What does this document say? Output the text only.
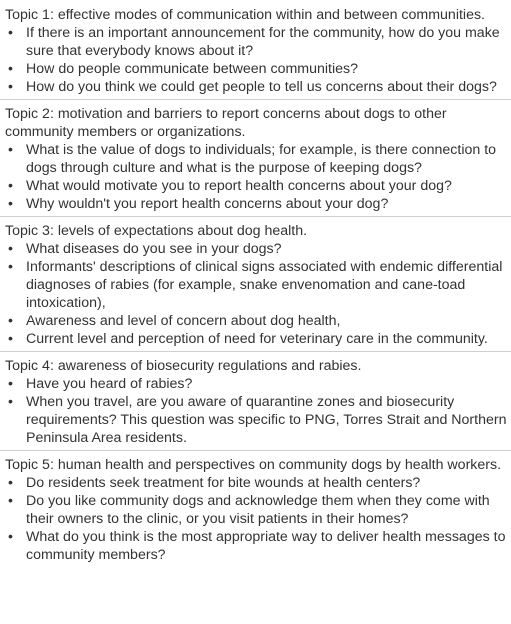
Topic 1: effective modes of communication within and between communities.
• If there is an important announcement for the community, how do you make sure that everybody knows about it?
• How do people communicate between communities?
• How do you think we could get people to tell us concerns about their dogs?
Topic 2: motivation and barriers to report concerns about dogs to other community members or organizations.
• What is the value of dogs to individuals; for example, is there connection to dogs through culture and what is the purpose of keeping dogs?
• What would motivate you to report health concerns about your dog?
• Why wouldn't you report health concerns about your dog?
Topic 3: levels of expectations about dog health.
• What diseases do you see in your dogs?
• Informants' descriptions of clinical signs associated with endemic differential diagnoses of rabies (for example, snake envenomation and cane-toad intoxication),
• Awareness and level of concern about dog health,
• Current level and perception of need for veterinary care in the community.
Topic 4: awareness of biosecurity regulations and rabies.
• Have you heard of rabies?
• When you travel, are you aware of quarantine zones and biosecurity requirements? This question was specific to PNG, Torres Strait and Northern Peninsula Area residents.
Topic 5: human health and perspectives on community dogs by health workers.
• Do residents seek treatment for bite wounds at health centers?
• Do you like community dogs and acknowledge them when they come with their owners to the clinic, or you visit patients in their homes?
• What do you think is the most appropriate way to deliver health messages to community members?
